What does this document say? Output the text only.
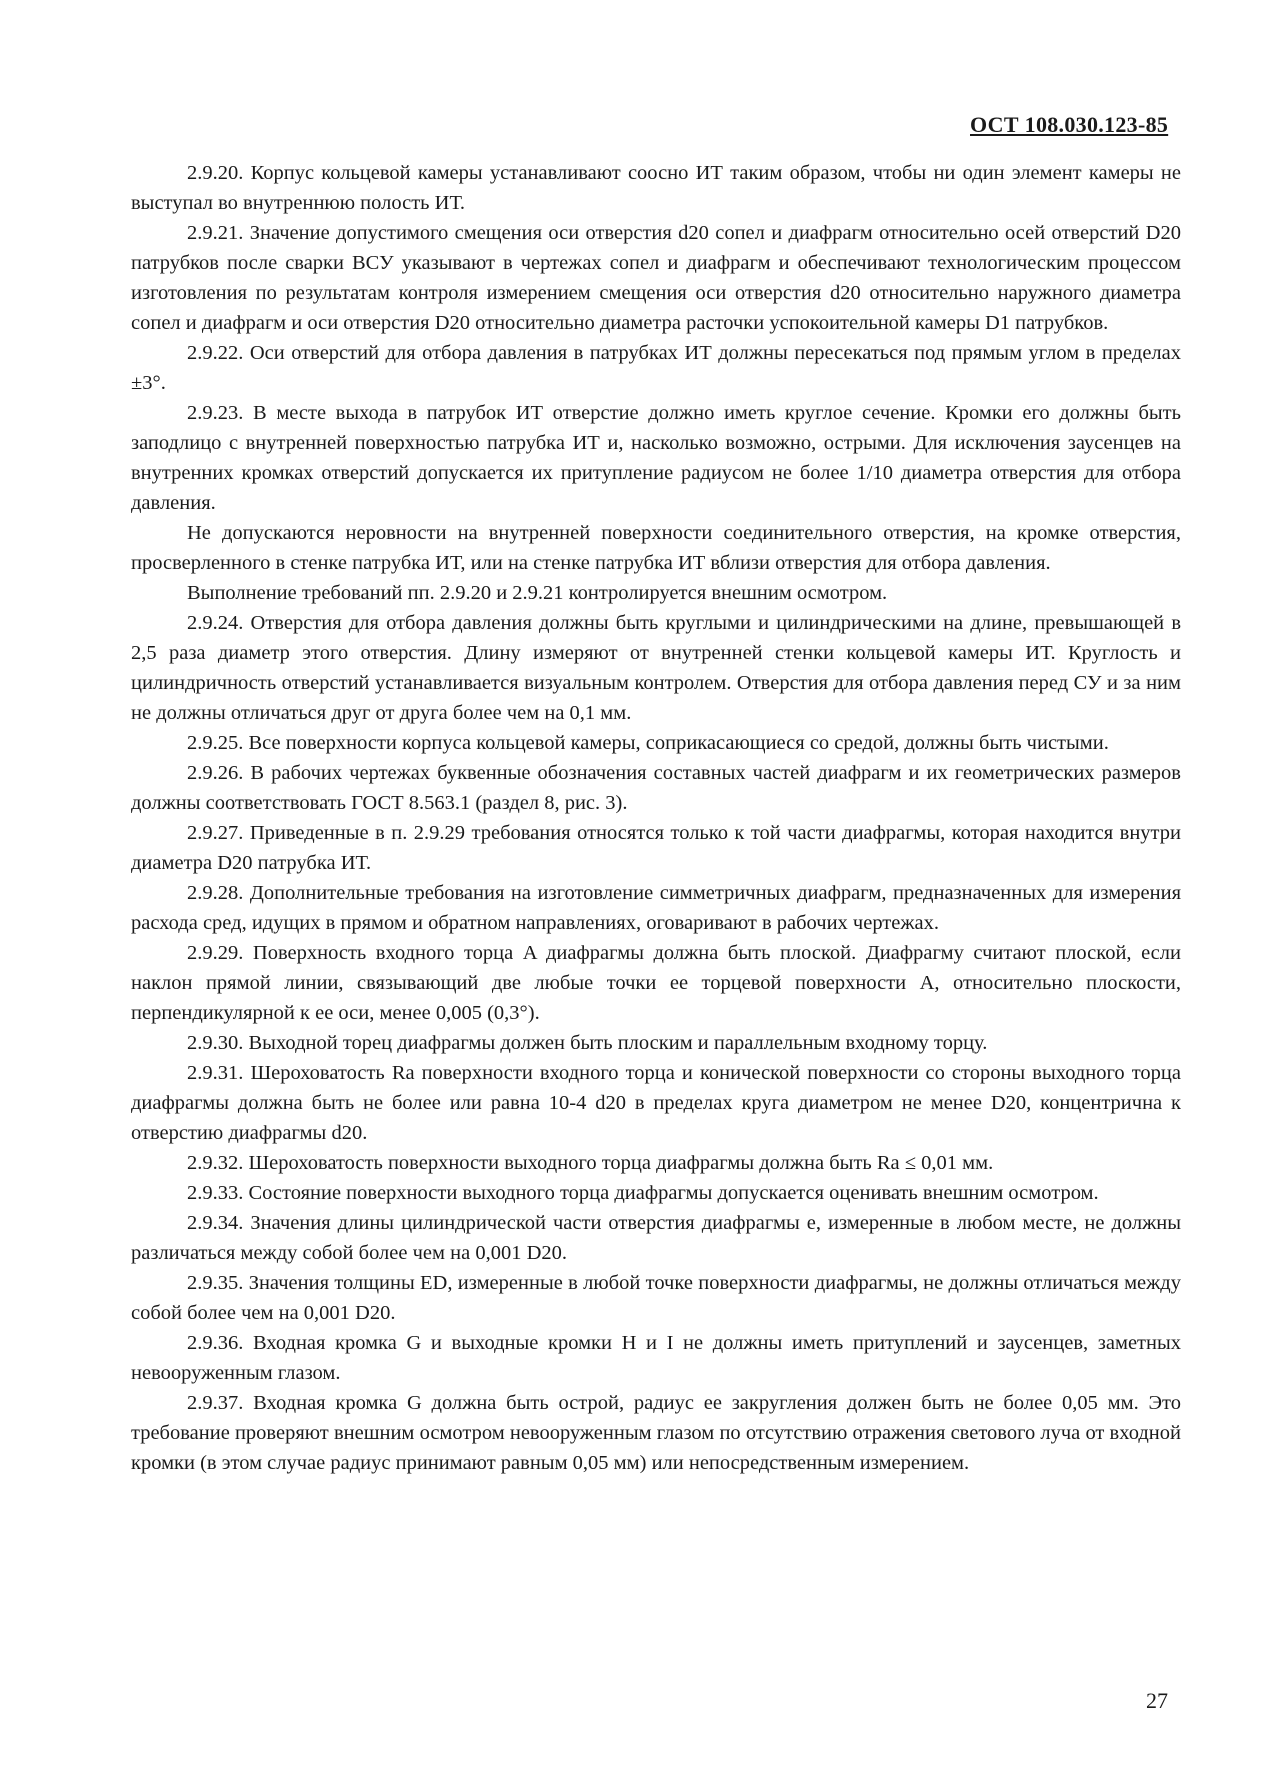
ОСТ 108.030.123-85

2.9.20. Корпус кольцевой камеры устанавливают соосно ИТ таким образом, чтобы ни один элемент камеры не выступал во внутреннюю полость ИТ.

2.9.21. Значение допустимого смещения оси отверстия d20 сопел и диафрагм относительно осей отверстий D20 патрубков после сварки ВСУ указывают в чертежах сопел и диафрагм и обеспечивают технологическим процессом изготовления по результатам контроля измерением смещения оси отверстия d20 относительно наружного диаметра сопел и диафрагм и оси отверстия D20 относительно диаметра расточки успокоительной камеры D1 патрубков.

2.9.22. Оси отверстий для отбора давления в патрубках ИТ должны пересекаться под прямым углом в пределах ±3°.

2.9.23. В месте выхода в патрубок ИТ отверстие должно иметь круглое сечение. Кромки его должны быть заподлицо с внутренней поверхностью патрубка ИТ и, насколько возможно, острыми. Для исключения заусенцев на внутренних кромках отверстий допускается их притупление радиусом не более 1/10 диаметра отверстия для отбора давления.

Не допускаются неровности на внутренней поверхности соединительного отверстия, на кромке отверстия, просверленного в стенке патрубка ИТ, или на стенке патрубка ИТ вблизи отверстия для отбора давления.

Выполнение требований пп. 2.9.20 и 2.9.21 контролируется внешним осмотром.

2.9.24. Отверстия для отбора давления должны быть круглыми и цилиндрическими на длине, превышающей в 2,5 раза диаметр этого отверстия. Длину измеряют от внутренней стенки кольцевой камеры ИТ. Круглость и цилиндричность отверстий устанавливается визуальным контролем. Отверстия для отбора давления перед СУ и за ним не должны отличаться друг от друга более чем на 0,1 мм.

2.9.25. Все поверхности корпуса кольцевой камеры, соприкасающиеся со средой, должны быть чистыми.

2.9.26. В рабочих чертежах буквенные обозначения составных частей диафрагм и их геометрических размеров должны соответствовать ГОСТ 8.563.1 (раздел 8, рис. 3).

2.9.27. Приведенные в п. 2.9.29 требования относятся только к той части диафрагмы, которая находится внутри диаметра D20 патрубка ИТ.

2.9.28. Дополнительные требования на изготовление симметричных диафрагм, предназначенных для измерения расхода сред, идущих в прямом и обратном направлениях, оговаривают в рабочих чертежах.

2.9.29. Поверхность входного торца A диафрагмы должна быть плоской. Диафрагму считают плоской, если наклон прямой линии, связывающий две любые точки ее торцевой поверхности A, относительно плоскости, перпендикулярной к ее оси, менее 0,005 (0,3°).

2.9.30. Выходной торец диафрагмы должен быть плоским и параллельным входному торцу.

2.9.31. Шероховатость Ra поверхности входного торца и конической поверхности со стороны выходного торца диафрагмы должна быть не более или равна 10-4 d20 в пределах круга диаметром не менее D20, концентрична к отверстию диафрагмы d20.

2.9.32. Шероховатость поверхности выходного торца диафрагмы должна быть Ra ≤ 0,01 мм.

2.9.33. Состояние поверхности выходного торца диафрагмы допускается оценивать внешним осмотром.

2.9.34. Значения длины цилиндрической части отверстия диафрагмы e, измеренные в любом месте, не должны различаться между собой более чем на 0,001 D20.

2.9.35. Значения толщины ED, измеренные в любой точке поверхности диафрагмы, не должны отличаться между собой более чем на 0,001 D20.

2.9.36. Входная кромка G и выходные кромки H и I не должны иметь притуплений и заусенцев, заметных невооруженным глазом.

2.9.37. Входная кромка G должна быть острой, радиус ее закругления должен быть не более 0,05 мм. Это требование проверяют внешним осмотром невооруженным глазом по отсутствию отражения светового луча от входной кромки (в этом случае радиус принимают равным 0,05 мм) или непосредственным измерением.

27
